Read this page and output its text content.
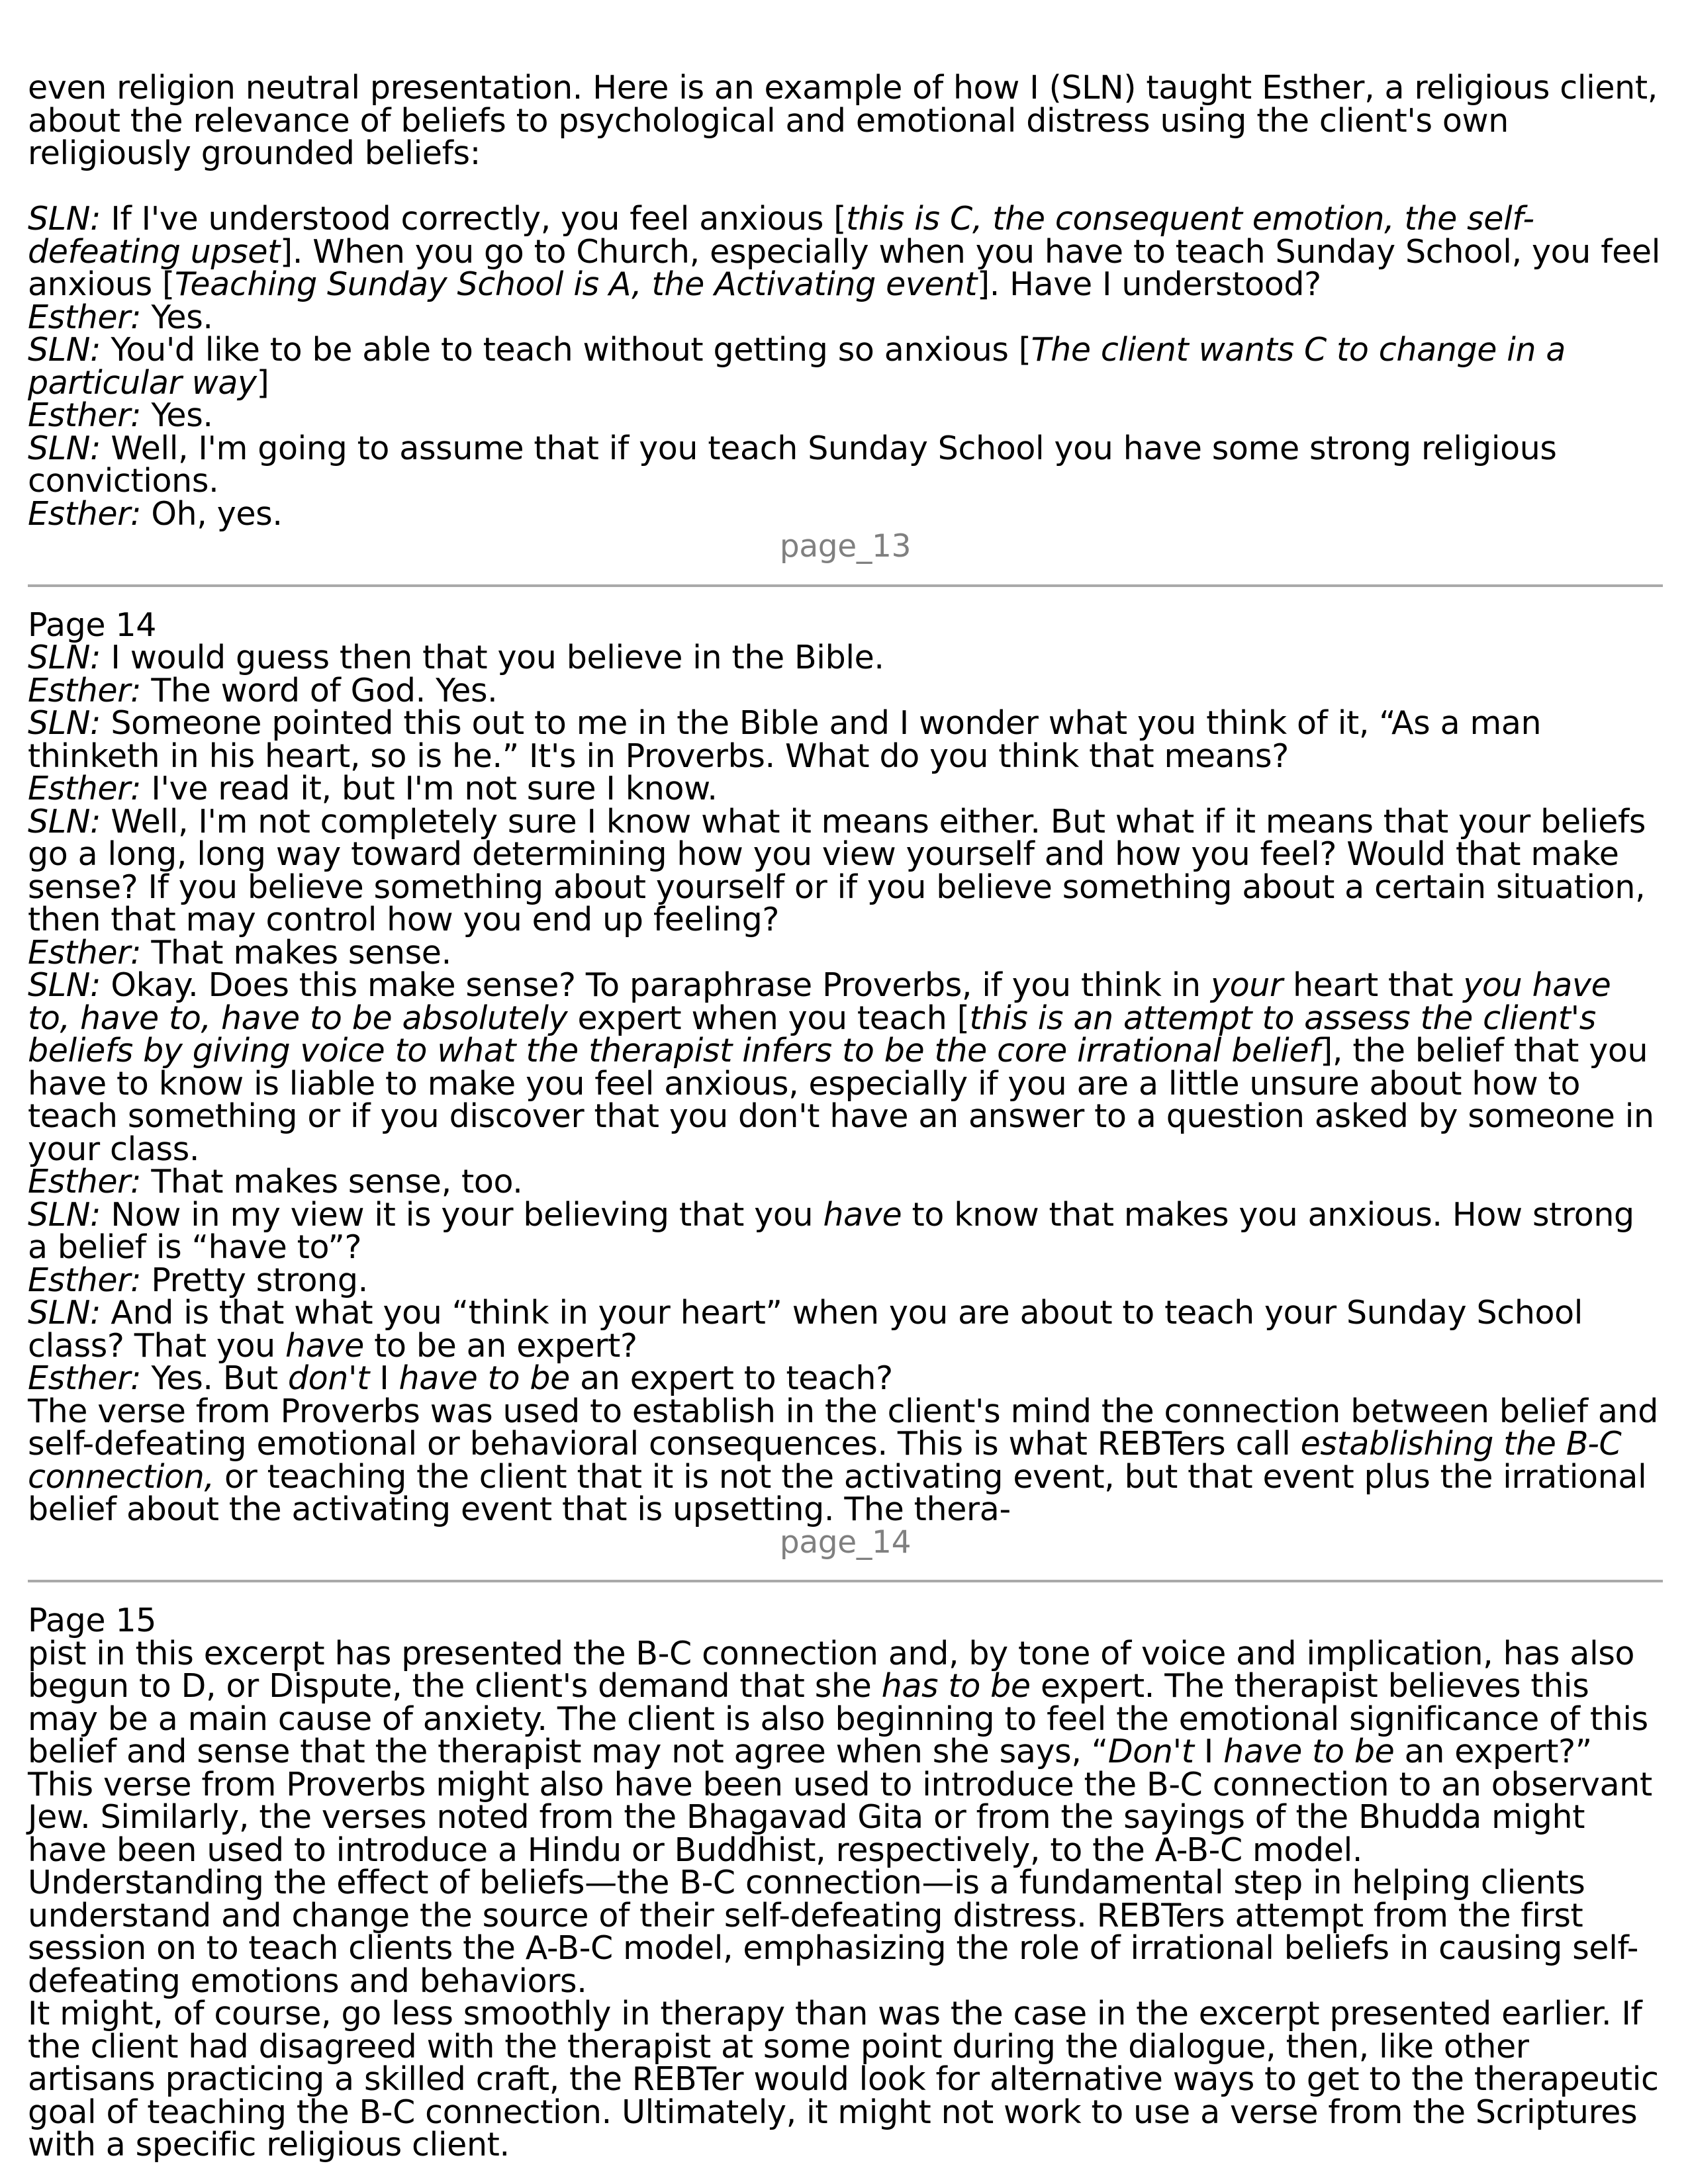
even religion neutral presentation. Here is an example of how I (SLN) taught Esther, a religious client, about the relevance of beliefs to psychological and emotional distress using the client's own religiously grounded beliefs:

SLN: If I've understood correctly, you feel anxious [this is C, the consequent emotion, the self-defeating upset]. When you go to Church, especially when you have to teach Sunday School, you feel anxious [Teaching Sunday School is A, the Activating event]. Have I understood?

Esther: Yes.

SLN: You'd like to be able to teach without getting so anxious [The client wants C to change in a particular way]

Esther: Yes.

SLN: Well, I'm going to assume that if you teach Sunday School you have some strong religious convictions.

Esther: Oh, yes.

page_13
Page 14

SLN: I would guess then that you believe in the Bible.

Esther: The word of God. Yes.

SLN: Someone pointed this out to me in the Bible and I wonder what you think of it, “As a man thinketh in his heart, so is he.” It's in Proverbs. What do you think that means?

Esther: I've read it, but I'm not sure I know.

SLN: Well, I'm not completely sure I know what it means either. But what if it means that your beliefs go a long, long way toward determining how you view yourself and how you feel? Would that make sense? If you believe something about yourself or if you believe something about a certain situation, then that may control how you end up feeling?

Esther: That makes sense.

SLN: Okay. Does this make sense? To paraphrase Proverbs, if you think in your heart that you have to, have to, have to be absolutely expert when you teach [this is an attempt to assess the client's beliefs by giving voice to what the therapist infers to be the core irrational belief], the belief that you have to know is liable to make you feel anxious, especially if you are a little unsure about how to teach something or if you discover that you don't have an answer to a question asked by someone in your class.

Esther: That makes sense, too.

SLN: Now in my view it is your believing that you have to know that makes you anxious. How strong a belief is “have to”?

Esther: Pretty strong.

SLN: And is that what you “think in your heart” when you are about to teach your Sunday School class? That you have to be an expert?

Esther: Yes. But don't I have to be an expert to teach?

The verse from Proverbs was used to establish in the client's mind the connection between belief and self-defeating emotional or behavioral consequences. This is what REBTers call establishing the B-C connection, or teaching the client that it is not the activating event, but that event plus the irrational belief about the activating event that is upsetting. The thera-

page_14
Page 15

pist in this excerpt has presented the B-C connection and, by tone of voice and implication, has also begun to D, or Dispute, the client's demand that she has to be expert. The therapist believes this may be a main cause of anxiety. The client is also beginning to feel the emotional significance of this belief and sense that the therapist may not agree when she says, “Don't I have to be an expert?”

This verse from Proverbs might also have been used to introduce the B-C connection to an observant Jew. Similarly, the verses noted from the Bhagavad Gita or from the sayings of the Bhudda might have been used to introduce a Hindu or Buddhist, respectively, to the A-B-C model.

Understanding the effect of beliefs—the B-C connection—is a fundamental step in helping clients understand and change the source of their self-defeating distress. REBTers attempt from the first session on to teach clients the A-B-C model, emphasizing the role of irrational beliefs in causing self-defeating emotions and behaviors.

It might, of course, go less smoothly in therapy than was the case in the excerpt presented earlier. If the client had disagreed with the therapist at some point during the dialogue, then, like other artisans practicing a skilled craft, the REBTer would look for alternative ways to get to the therapeutic goal of teaching the B-C connection. Ultimately, it might not work to use a verse from the Scriptures with a specific religious client.
